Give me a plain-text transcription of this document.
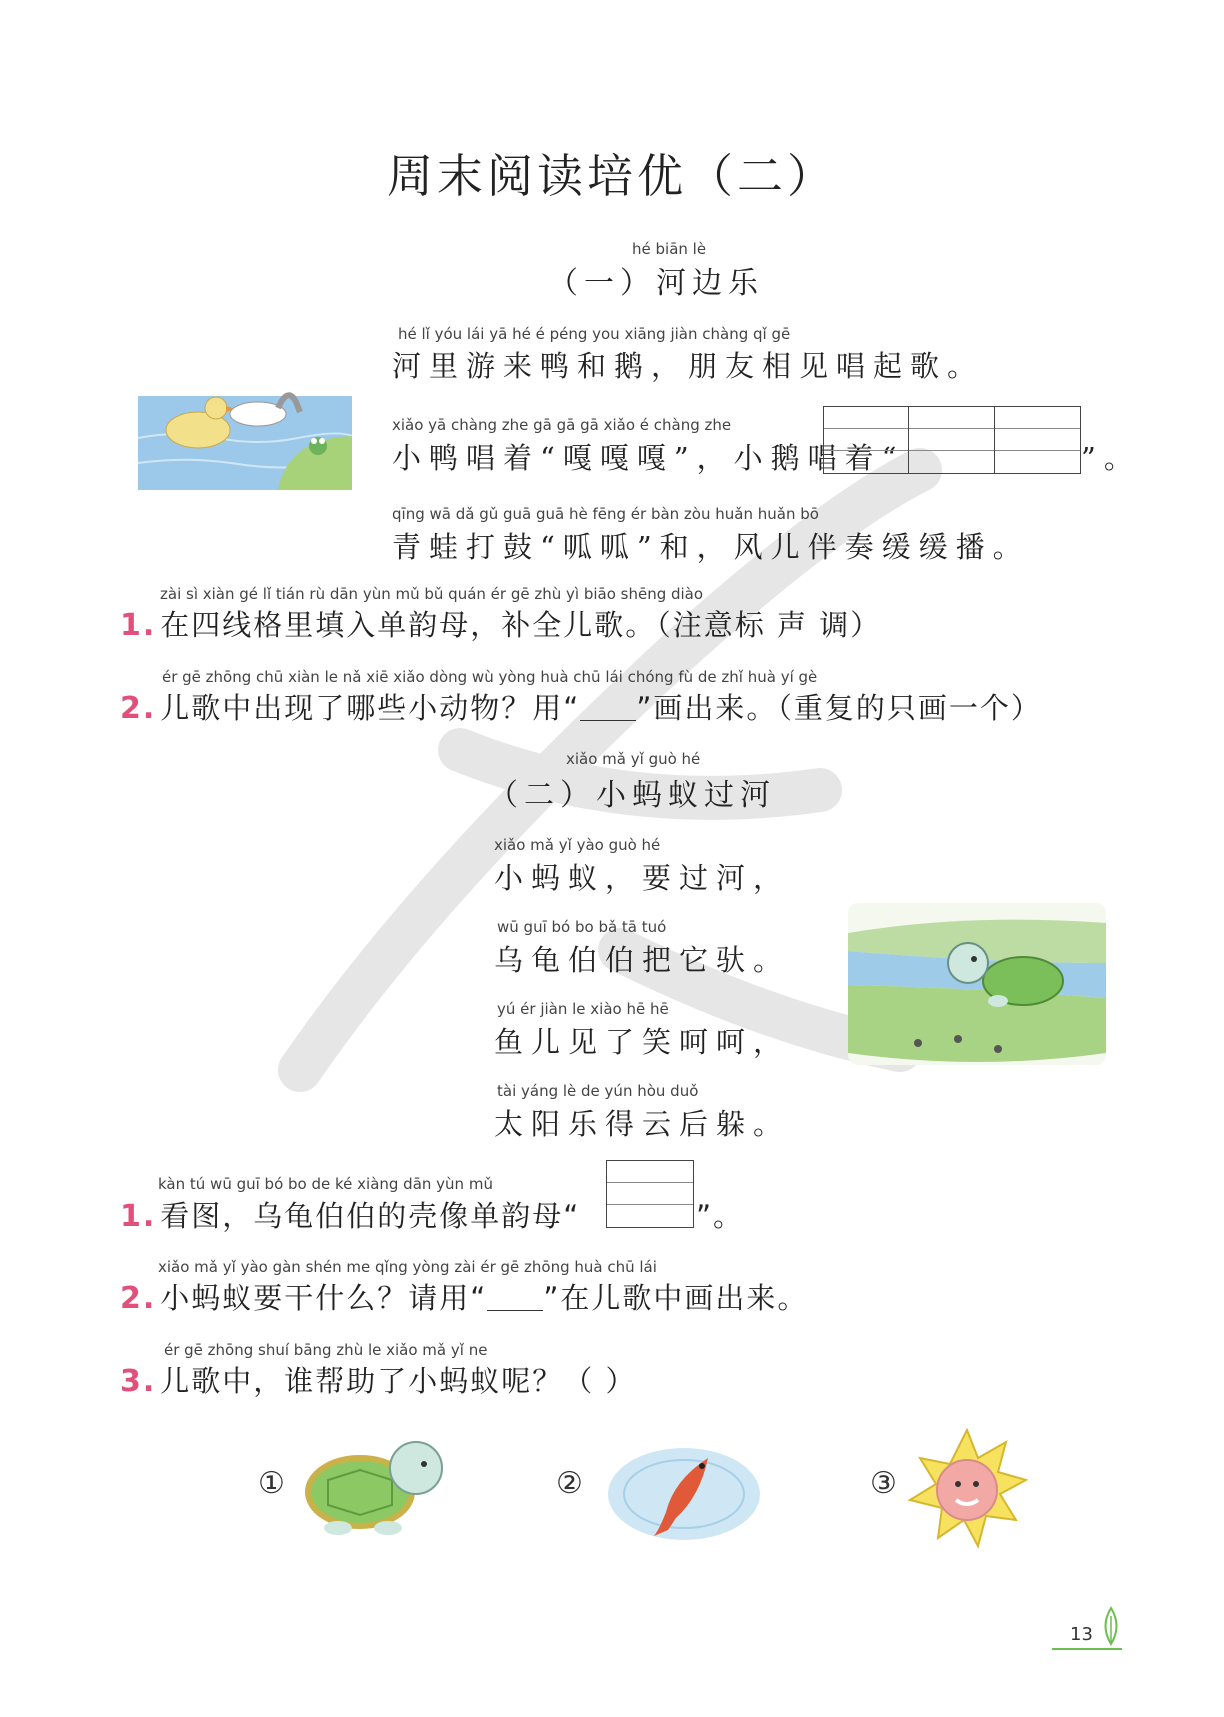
周末阅读培优（二）
hé biān lè
（一）河边乐
hé lǐ yóu lái yā hé é péng you xiāng jiàn chàng qǐ gē
河里游来鸭和鹅，朋友相见唱起歌。
xiǎo yā chàng zhe gā gā gā xiǎo é chàng zhe
小鸭唱着“嘎嘎嘎”，小鹅唱着“	”。
qīng wā dǎ gǔ guā guā hè fēng ér bàn zòu huǎn huǎn bō
青蛙打鼓“呱呱”和，风儿伴奏缓缓播。
zài sì xiàn gé lǐ tián rù dān yùn mǔ bǔ quán ér gē zhù yì biāo shēng diào
1. 在四线格里填入单韵母，补全儿歌。（注意标 声 调）
ér gē zhōng chū xiàn le nǎ xiē xiǎo dòng wù yòng huà chū lái chóng fù de zhǐ huà yí gè
2. 儿歌中出现了哪些小动物？用“ ”画出来。（重复的只画一个）
xiǎo mǎ yǐ guò hé
（二）小蚂蚁过河
xiǎo mǎ yǐ yào guò hé
小蚂蚁，要过河，
wū guī bó bo bǎ tā tuó
乌龟伯伯把它驮。
yú ér jiàn le xiào hē hē
鱼儿见了笑呵呵，
tài yáng lè de yún hòu duǒ
太阳乐得云后躲。
kàn tú wū guī bó bo de ké xiàng dān yùn mǔ
1. 看图，乌龟伯伯的壳像单韵母“	”。
xiǎo mǎ yǐ yào gàn shén me qǐng yòng zài ér gē zhōng huà chū lái
2. 小蚂蚁要干什么？请用“ ”在儿歌中画出来。
ér gē zhōng shuí bāng zhù le xiǎo mǎ yǐ ne
3. 儿歌中，谁帮助了小蚂蚁呢？（ ）
①	②	③
13
